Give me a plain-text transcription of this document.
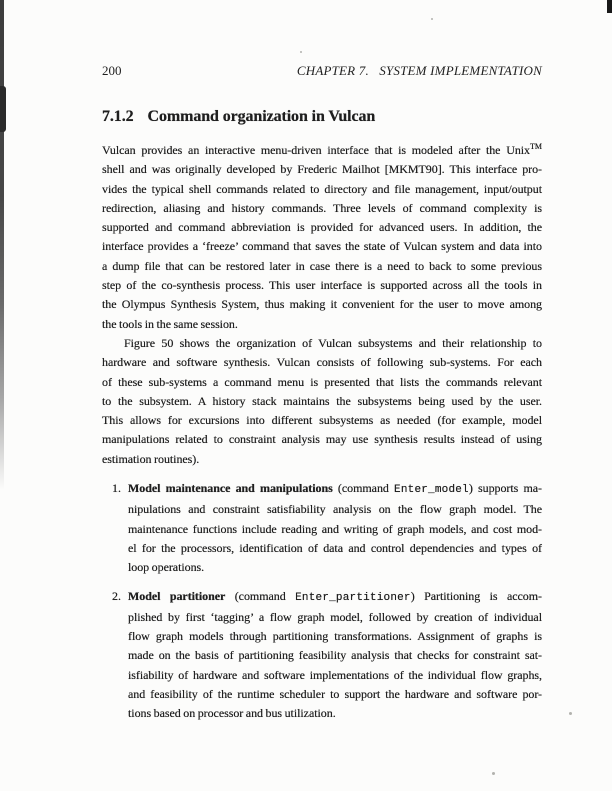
200	CHAPTER 7.   SYSTEM IMPLEMENTATION
7.1.2 Command organization in Vulcan
Vulcan provides an interactive menu-driven interface that is modeled after the Unix™
shell and was originally developed by Frederic Mailhot [MKMT90]. This interface pro-
vides the typical shell commands related to directory and file management, input/output
redirection, aliasing and history commands. Three levels of command complexity is
supported and command abbreviation is provided for advanced users. In addition, the
interface provides a ‘freeze’ command that saves the state of Vulcan system and data into
a dump file that can be restored later in case there is a need to back to some previous
step of the co-synthesis process. This user interface is supported across all the tools in
the Olympus Synthesis System, thus making it convenient for the user to move among
the tools in the same session.
Figure 50 shows the organization of Vulcan subsystems and their relationship to
hardware and software synthesis. Vulcan consists of following sub-systems. For each
of these sub-systems a command menu is presented that lists the commands relevant
to the subsystem. A history stack maintains the subsystems being used by the user.
This allows for excursions into different subsystems as needed (for example, model
manipulations related to constraint analysis may use synthesis results instead of using
estimation routines).
1. Model maintenance and manipulations (command Enter_model) supports ma-
nipulations and constraint satisfiability analysis on the flow graph model. The
maintenance functions include reading and writing of graph models, and cost mod-
el for the processors, identification of data and control dependencies and types of
loop operations.
2. Model partitioner (command Enter_partitioner) Partitioning is accom-
plished by first ‘tagging’ a flow graph model, followed by creation of individual
flow graph models through partitioning transformations. Assignment of graphs is
made on the basis of partitioning feasibility analysis that checks for constraint sat-
isfiability of hardware and software implementations of the individual flow graphs,
and feasibility of the runtime scheduler to support the hardware and software por-
tions based on processor and bus utilization.
